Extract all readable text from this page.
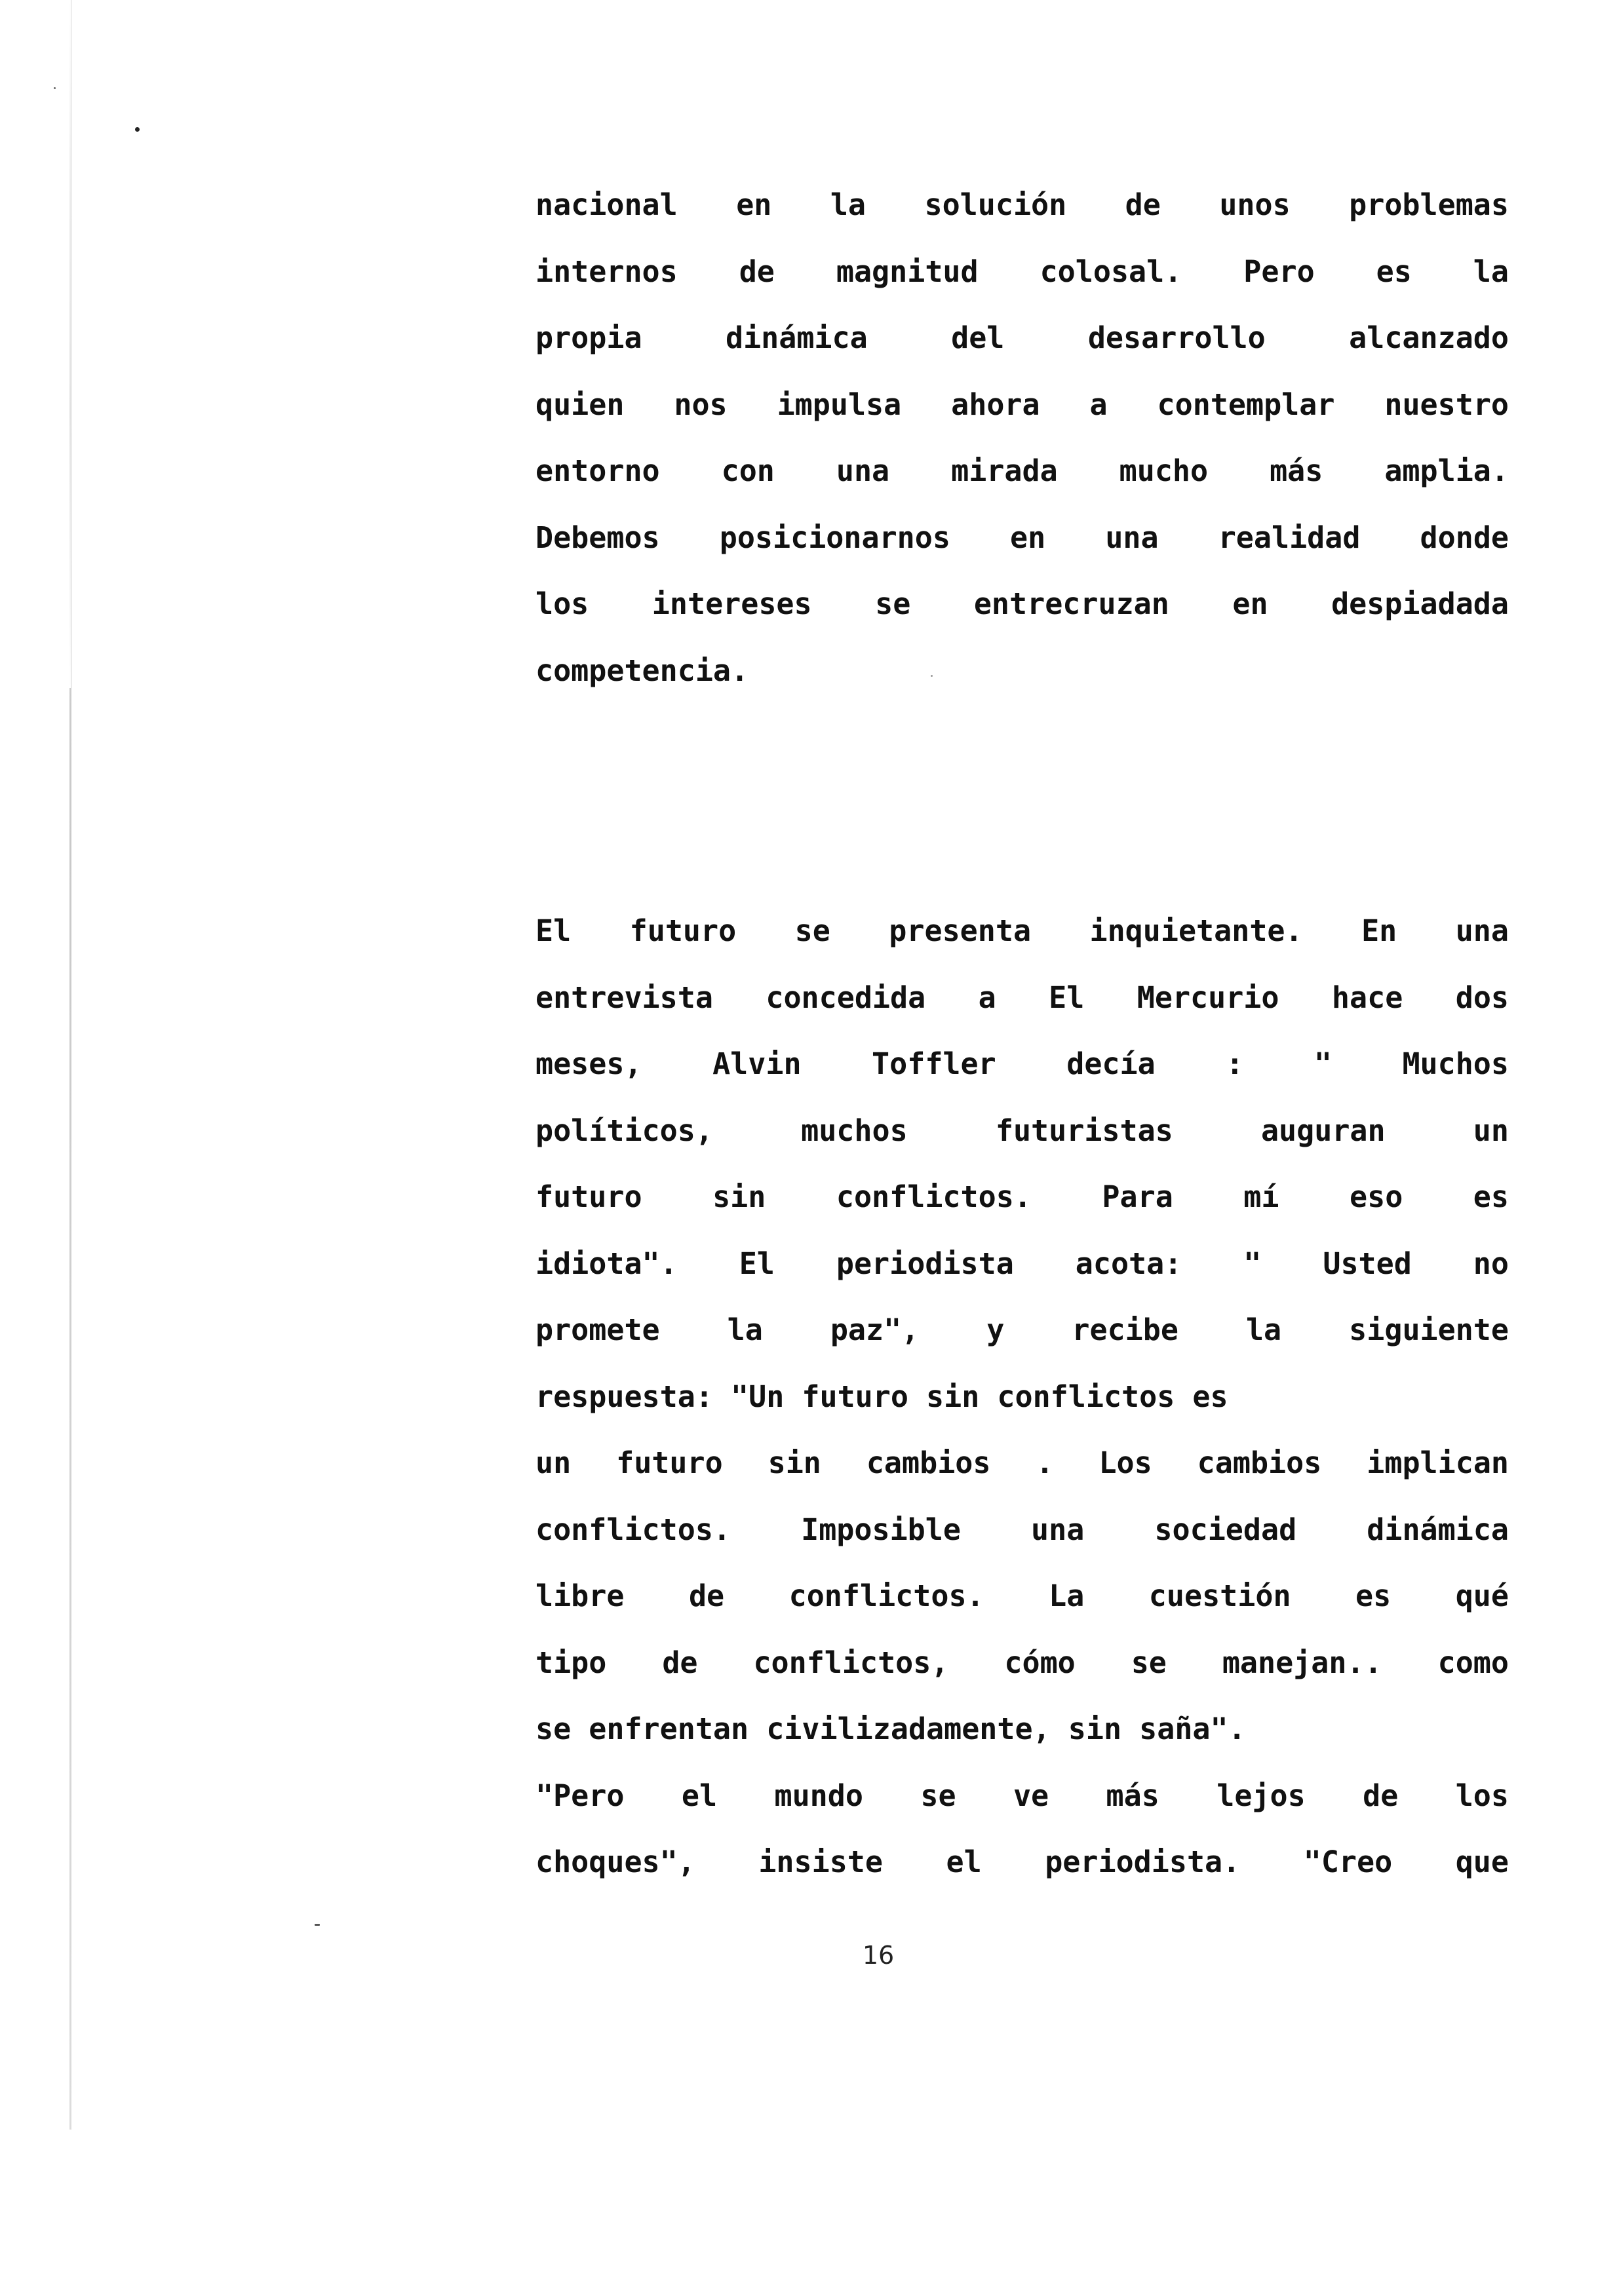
nacional en la solución de unos problemas
internos de magnitud colosal. Pero es la
propia dinámica del desarrollo alcanzado
quien nos impulsa ahora a contemplar nuestro
entorno con una mirada mucho más amplia.
Debemos posicionarnos en una realidad donde
los intereses se entrecruzan en despiadada
competencia.
El futuro se presenta inquietante. En una
entrevista concedida a El Mercurio hace dos
meses, Alvin Toffler decía : " Muchos
políticos, muchos futuristas auguran un
futuro sin conflictos. Para mí eso es
idiota". El periodista acota: " Usted no
promete la paz", y recibe la siguiente
respuesta: "Un futuro sin conflictos es
un futuro sin cambios . Los cambios implican
conflictos. Imposible una sociedad dinámica
libre de conflictos. La cuestión es qué
tipo de conflictos, cómo se manejan.. como
se enfrentan civilizadamente, sin saña".
"Pero el mundo se ve más lejos de los
choques", insiste el periodista. "Creo que
16
